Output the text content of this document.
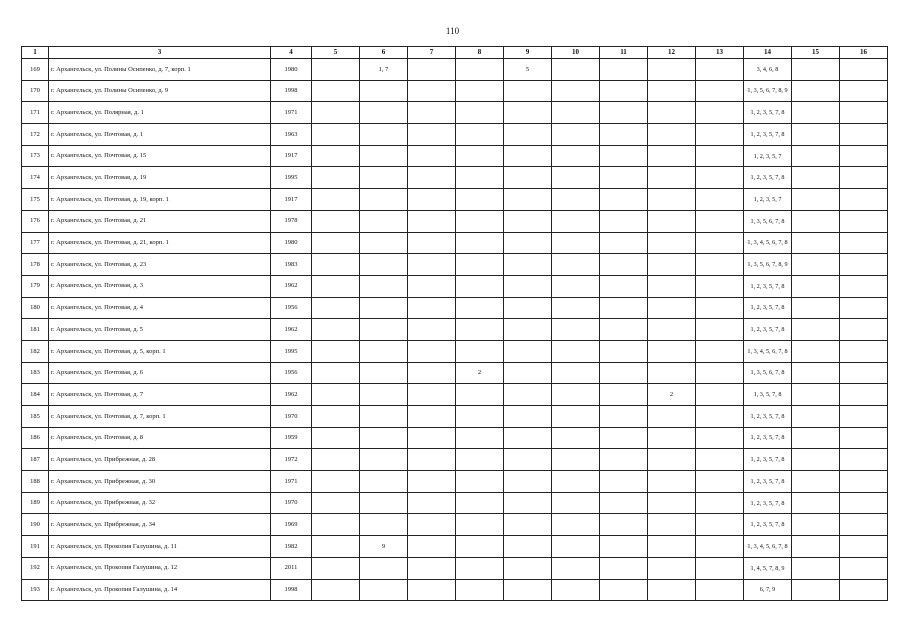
110
1	3	4	5	6	7	8	9	10	11	12	13	14	15	16
169	г. Архангельск, ул. Полины Осипенко, д. 7, корп. 1	1980		1, 7			5					3, 4, 6, 8		
170	г. Архангельск, ул. Полины Осипенко, д. 9	1998										1, 3, 5, 6, 7, 8, 9		
171	г. Архангельск, ул. Полярная, д. 1	1971										1, 2, 3, 5, 7, 8		
172	г. Архангельск, ул. Почтовая, д. 1	1963										1, 2, 3, 5, 7, 8		
173	г. Архангельск, ул. Почтовая, д. 15	1917										1, 2, 3, 5, 7		
174	г. Архангельск, ул. Почтовая, д. 19	1995										1, 2, 3, 5, 7, 8		
175	г. Архангельск, ул. Почтовая, д. 19, корп. 1	1917										1, 2, 3, 5, 7		
176	г. Архангельск, ул. Почтовая, д. 21	1978										1, 3, 5, 6, 7, 8		
177	г. Архангельск, ул. Почтовая, д. 21, корп. 1	1980										1, 3, 4, 5, 6, 7, 8		
178	г. Архангельск, ул. Почтовая, д. 23	1983										1, 3, 5, 6, 7, 8, 9		
179	г. Архангельск, ул. Почтовая, д. 3	1962										1, 2, 3, 5, 7, 8		
180	г. Архангельск, ул. Почтовая, д. 4	1956										1, 2, 3, 5, 7, 8		
181	г. Архангельск, ул. Почтовая, д. 5	1962										1, 2, 3, 5, 7, 8		
182	г. Архангельск, ул. Почтовая, д. 5, корп. 1	1995										1, 3, 4, 5, 6, 7, 8		
183	г. Архангельск, ул. Почтовая, д. 6	1956				2						1, 3, 5, 6, 7, 8		
184	г. Архангельск, ул. Почтовая, д. 7	1962								2		1, 3, 5, 7, 8		
185	г. Архангельск, ул. Почтовая, д. 7, корп. 1	1970										1, 2, 3, 5, 7, 8		
186	г. Архангельск, ул. Почтовая, д. 8	1959										1, 2, 3, 5, 7, 8		
187	г. Архангельск, ул. Прибрежная, д. 28	1972										1, 2, 3, 5, 7, 8		
188	г. Архангельск, ул. Прибрежная, д. 30	1971										1, 2, 3, 5, 7, 8		
189	г. Архангельск, ул. Прибрежная, д. 32	1970										1, 2, 3, 5, 7, 8		
190	г. Архангельск, ул. Прибрежная, д. 34	1969										1, 2, 3, 5, 7, 8		
191	г. Архангельск, ул. Прокопия Галушина, д. 11	1982		9								1, 3, 4, 5, 6, 7, 8		
192	г. Архангельск, ул. Прокопия Галушина, д. 12	2011										1, 4, 5, 7, 8, 9		
193	г. Архангельск, ул. Прокопия Галушина, д. 14	1998										6, 7, 9		
